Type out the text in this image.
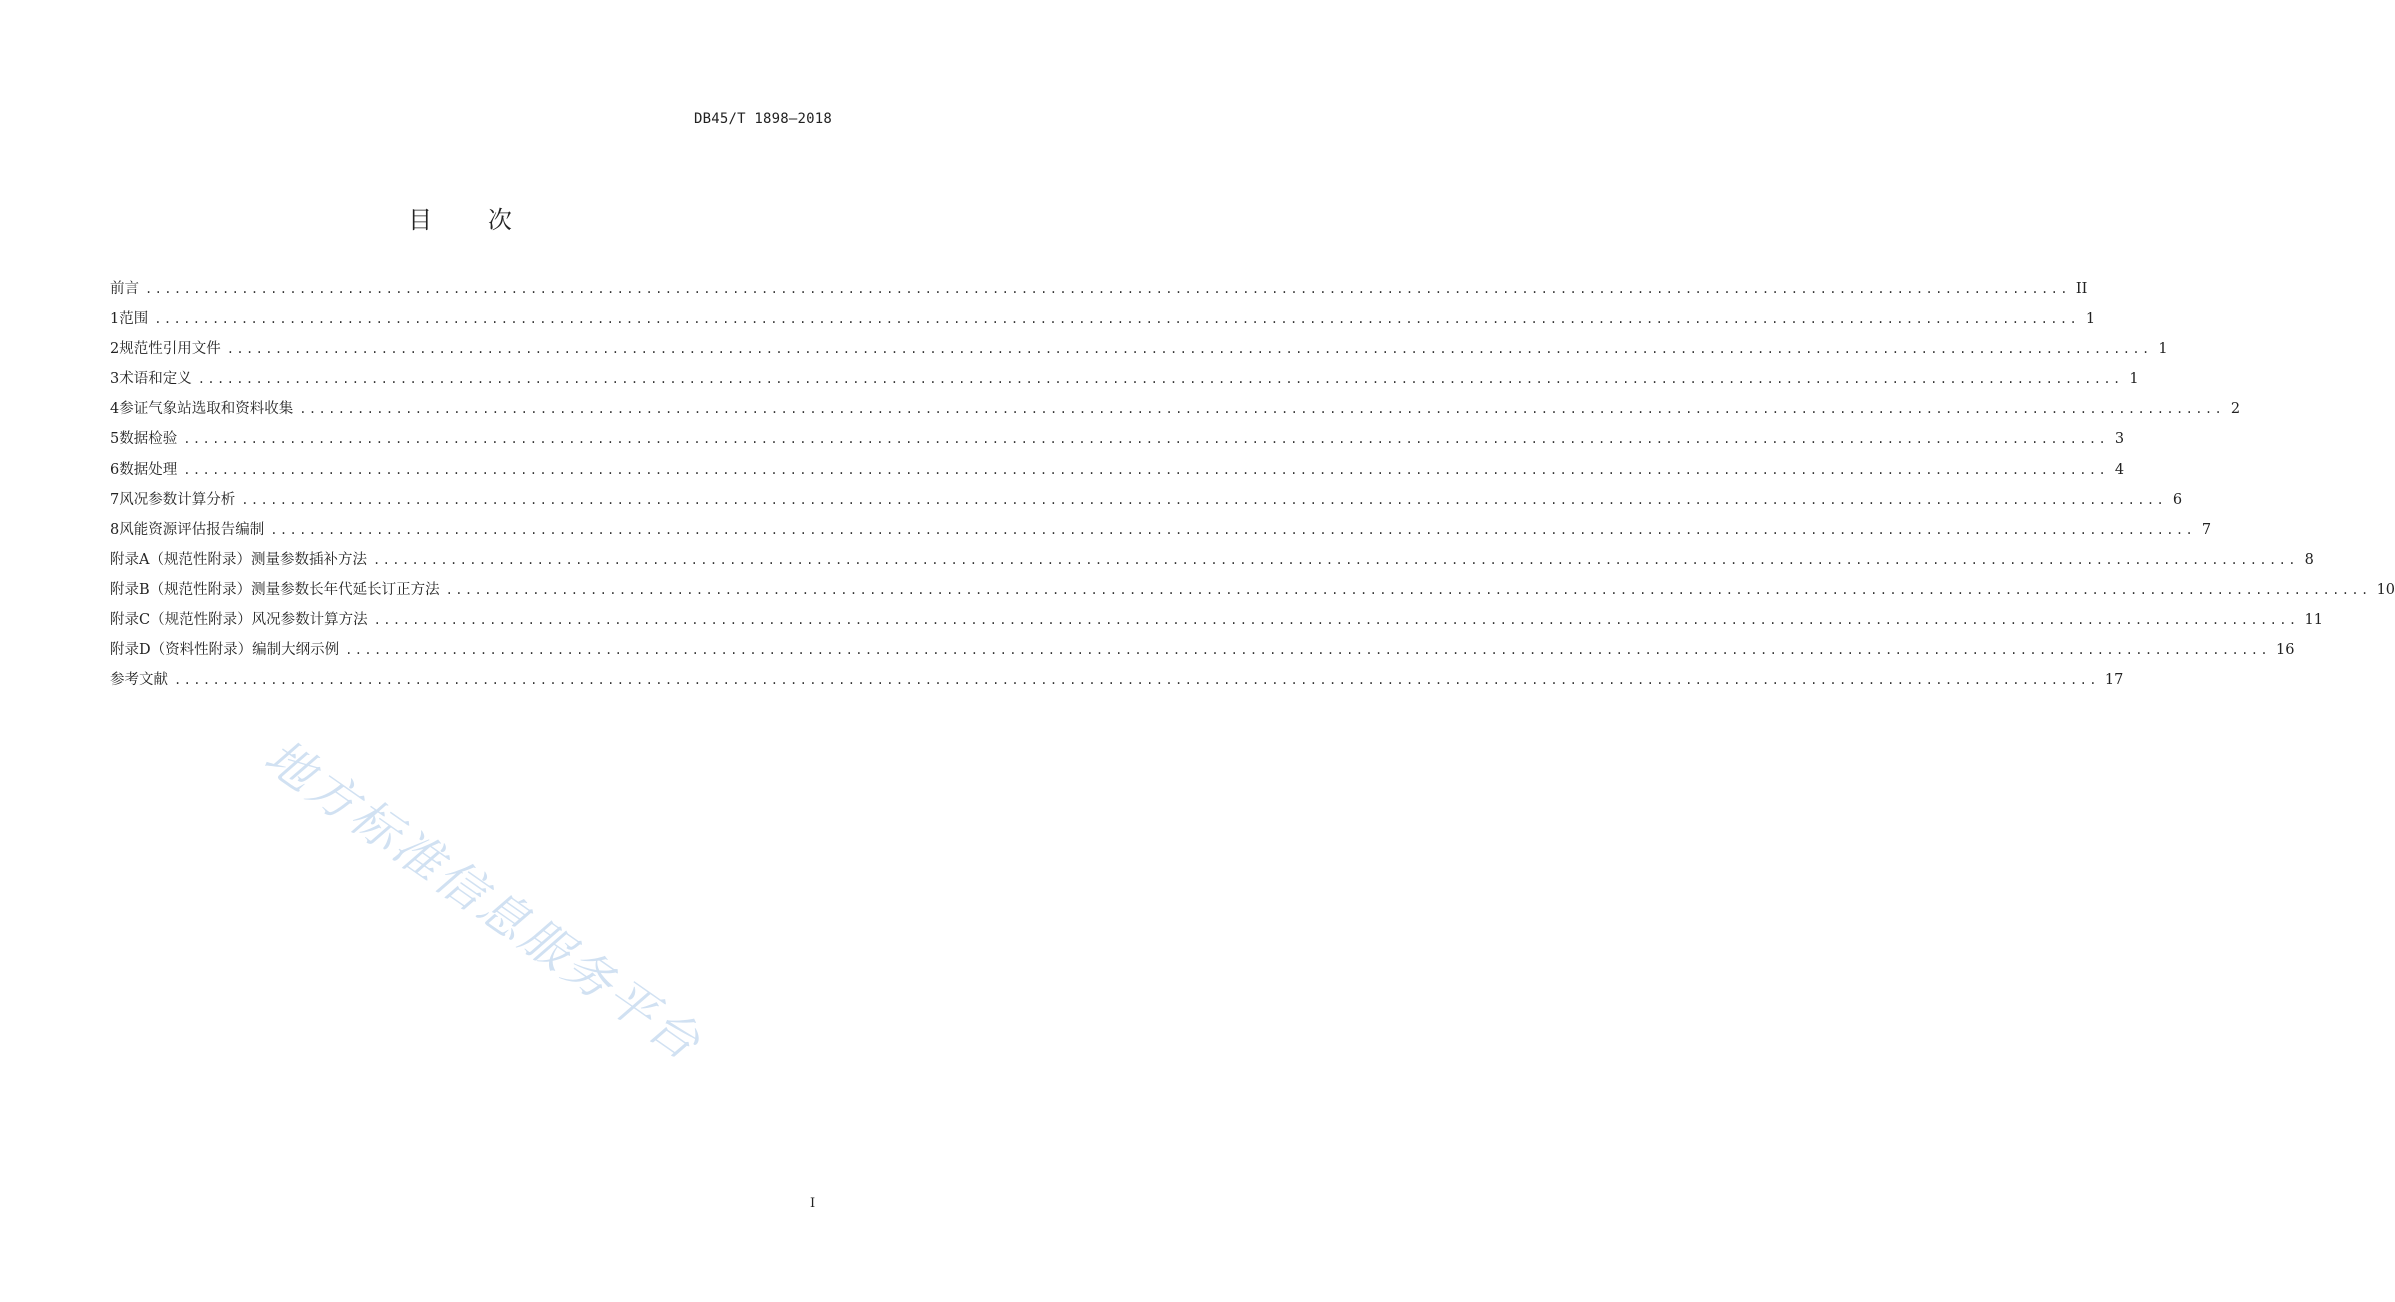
DB45/T 1898—2018
目 次
前言 ........................................................................................................................................................................................................ II
1 范围 ........................................................................................................................................................................................................ 1
2 规范性引用文件 ........................................................................................................................................................................................................ 1
3 术语和定义 ........................................................................................................................................................................................................ 1
4 参证气象站选取和资料收集 ........................................................................................................................................................................................................ 2
5 数据检验 ........................................................................................................................................................................................................ 3
6 数据处理 ........................................................................................................................................................................................................ 4
7 风况参数计算分析 ........................................................................................................................................................................................................ 6
8 风能资源评估报告编制 ........................................................................................................................................................................................................ 7
附录A（规范性附录） 测量参数插补方法 ........................................................................................................................................................................................................ 8
附录B（规范性附录） 测量参数长年代延长订正方法 ........................................................................................................................................................................................................ 10
附录C（规范性附录） 风况参数计算方法 ........................................................................................................................................................................................................ 11
附录D（资料性附录） 编制大纲示例 ........................................................................................................................................................................................................ 16
参考文献 ........................................................................................................................................................................................................ 17
地方标准信息服务平台
I
